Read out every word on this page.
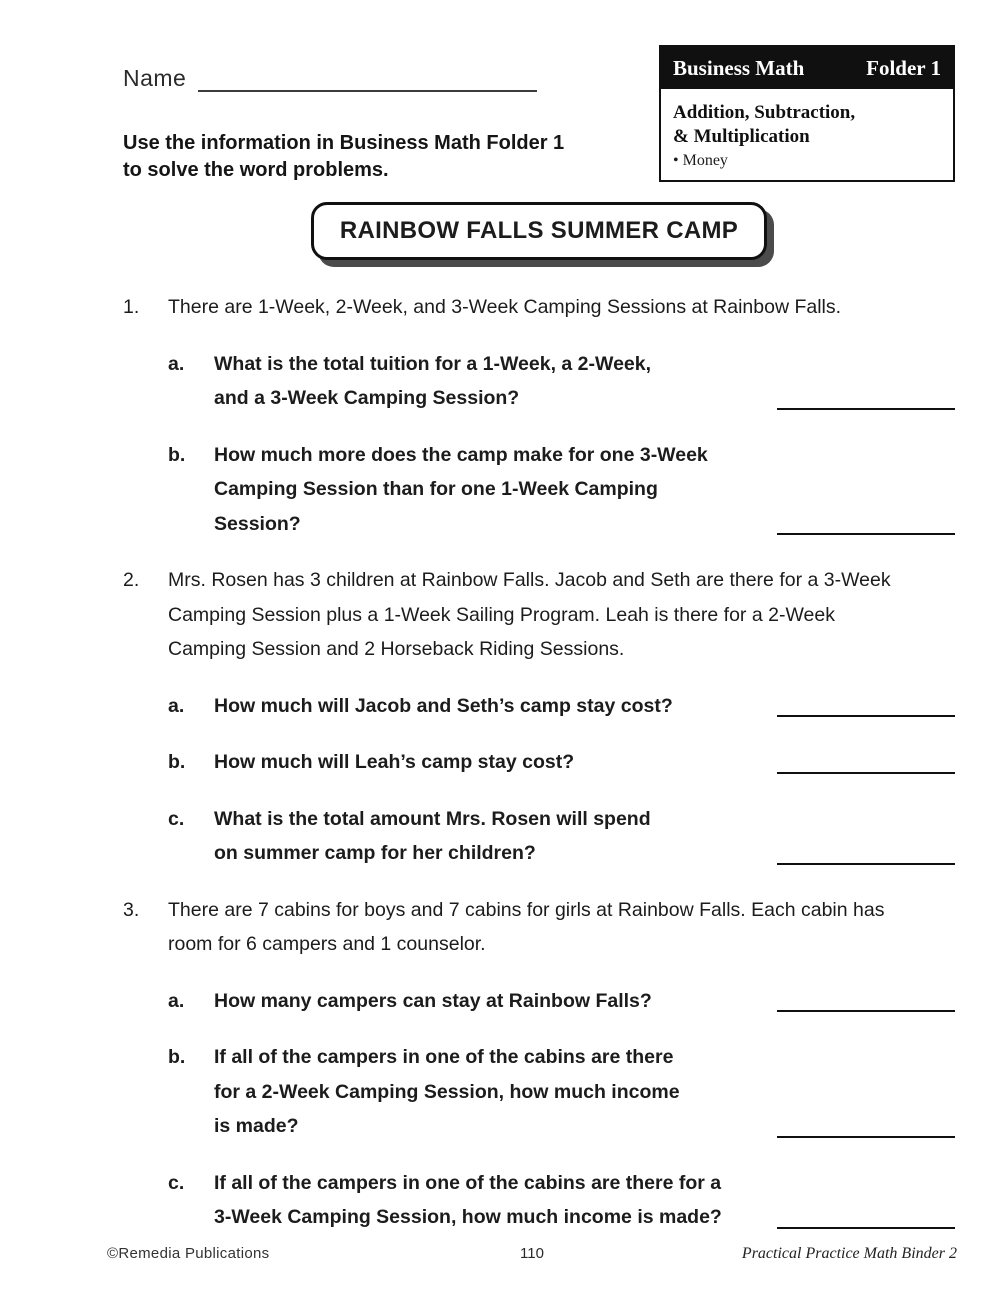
Name
Use the information in Business Math Folder 1
to solve the word problems.
Business Math	Folder 1
Addition, Subtraction,
& Multiplication
• Money
RAINBOW FALLS SUMMER CAMP
1.	There are 1-Week, 2-Week, and 3-Week Camping Sessions at Rainbow Falls.
a.	What is the total tuition for a 1-Week, a 2-Week,
and a 3-Week Camping Session?
b.	How much more does the camp make for one 3-Week
Camping Session than for one 1-Week Camping
Session?
2.	Mrs. Rosen has 3 children at Rainbow Falls. Jacob and Seth are there for a 3-Week
Camping Session plus a 1-Week Sailing Program. Leah is there for a 2-Week
Camping Session and 2 Horseback Riding Sessions.
a.	How much will Jacob and Seth’s camp stay cost?
b.	How much will Leah’s camp stay cost?
c.	What is the total amount Mrs. Rosen will spend
on summer camp for her children?
3.	There are 7 cabins for boys and 7 cabins for girls at Rainbow Falls. Each cabin has
room for 6 campers and 1 counselor.
a.	How many campers can stay at Rainbow Falls?
b.	If all of the campers in one of the cabins are there
for a 2-Week Camping Session, how much income
is made?
c.	If all of the campers in one of the cabins are there for a
3-Week Camping Session, how much income is made?
©Remedia Publications	110	Practical Practice Math Binder 2
